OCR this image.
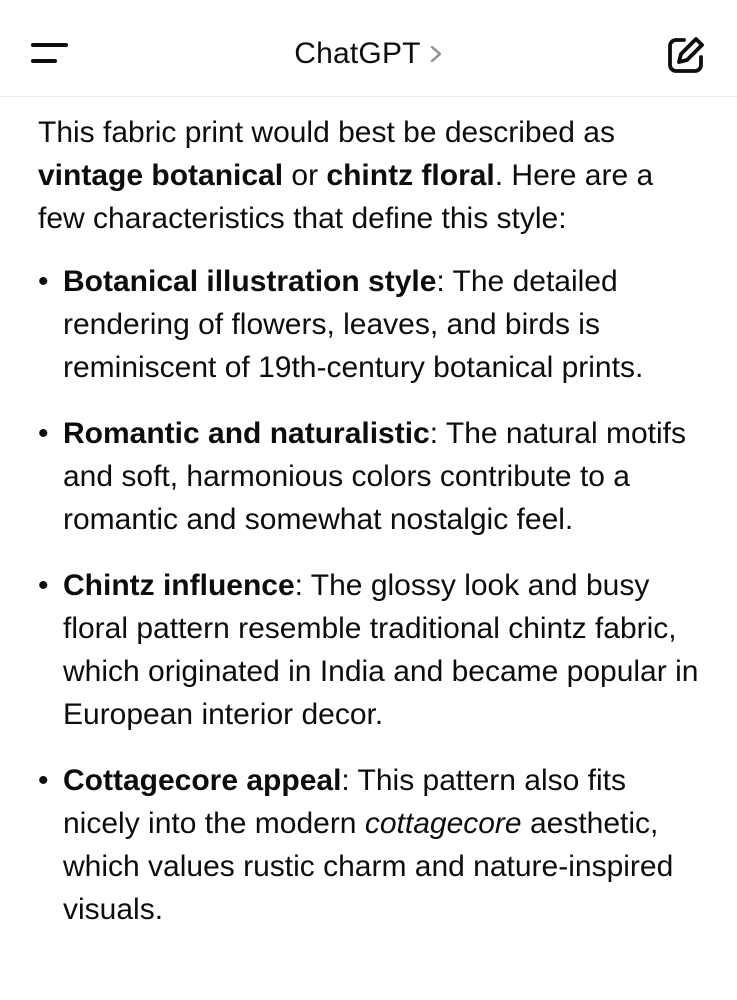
ChatGPT

This fabric print would best be described as vintage botanical or chintz floral. Here are a few characteristics that define this style:

• Botanical illustration style: The detailed rendering of flowers, leaves, and birds is reminiscent of 19th-century botanical prints.
• Romantic and naturalistic: The natural motifs and soft, harmonious colors contribute to a romantic and somewhat nostalgic feel.
• Chintz influence: The glossy look and busy floral pattern resemble traditional chintz fabric, which originated in India and became popular in European interior decor.
• Cottagecore appeal: This pattern also fits nicely into the modern cottagecore aesthetic, which values rustic charm and nature-inspired visuals.
